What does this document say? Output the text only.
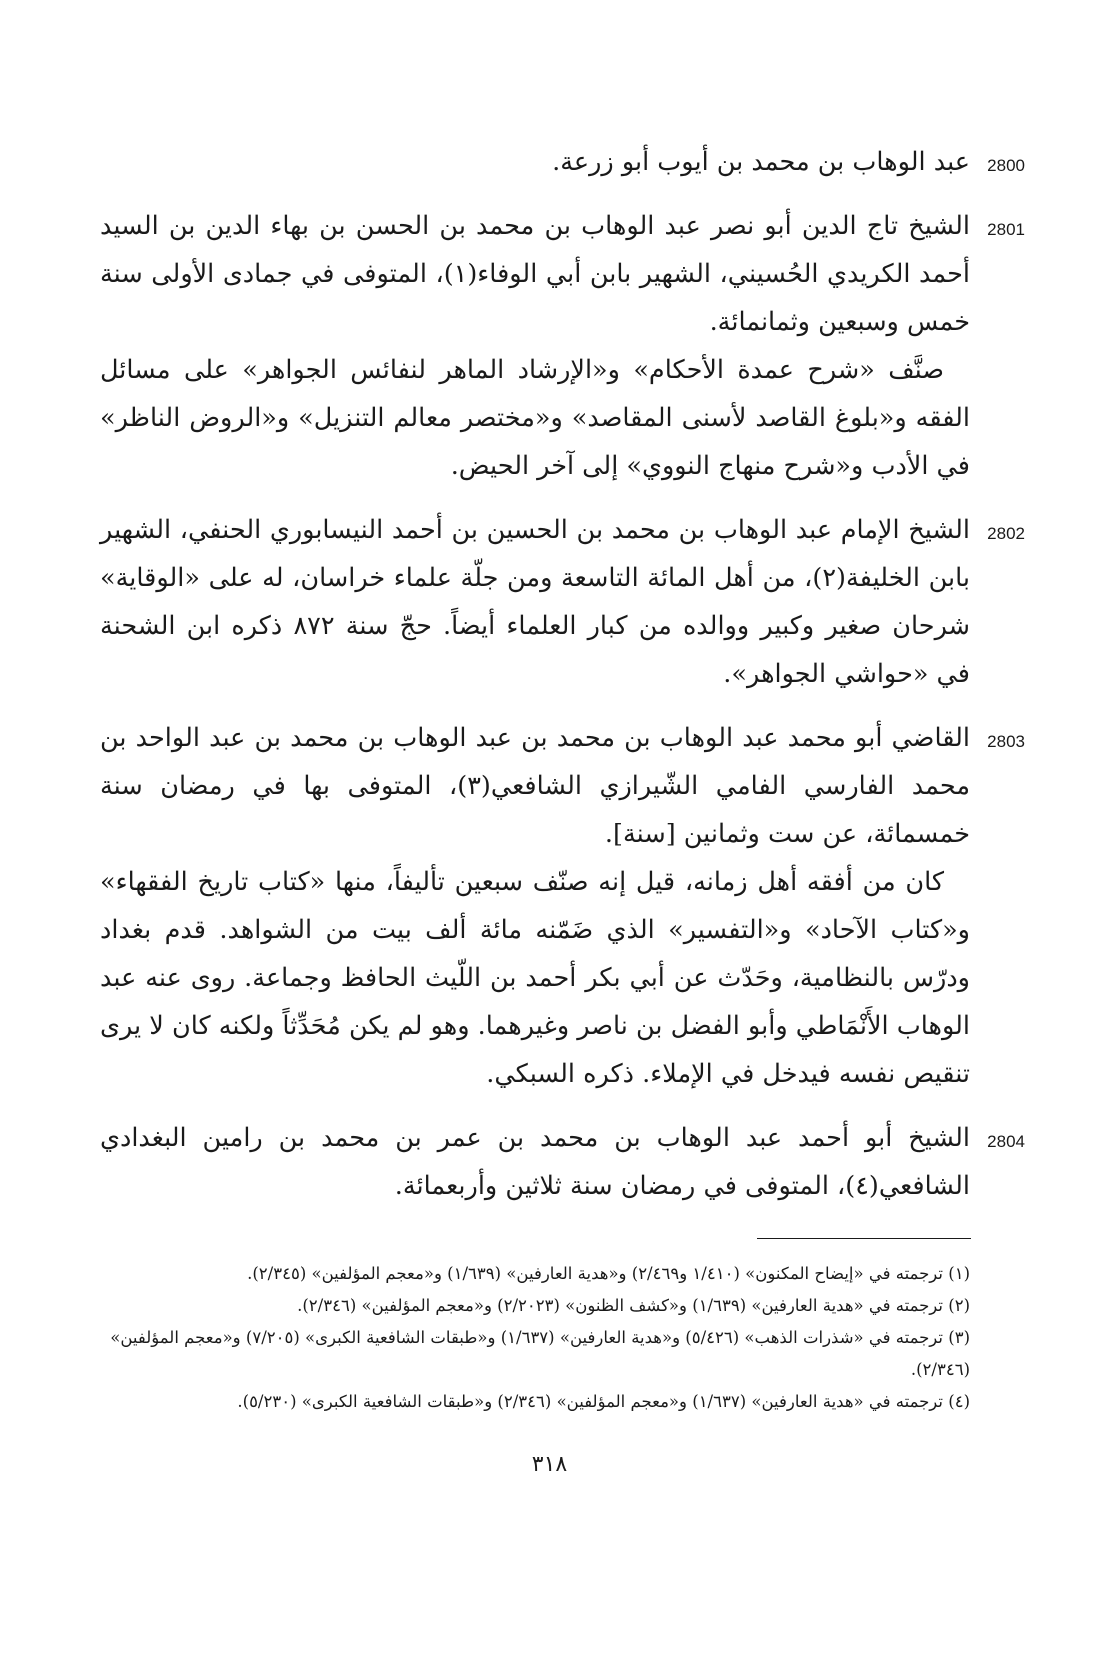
2800

عبد الوهاب بن محمد بن أيوب أبو زرعة.

2801

الشيخ تاج الدين أبو نصر عبد الوهاب بن محمد بن الحسن بن بهاء الدين بن السيد أحمد الكريدي الحُسيني، الشهير بابن أبي الوفاء(١)، المتوفى في جمادى الأولى سنة خمس وسبعين وثمانمائة.

صنَّف «شرح عمدة الأحكام» و«الإرشاد الماهر لنفائس الجواهر» على مسائل الفقه و«بلوغ القاصد لأسنى المقاصد» و«مختصر معالم التنزيل» و«الروض الناظر» في الأدب و«شرح منهاج النووي» إلى آخر الحيض.

2802

الشيخ الإمام عبد الوهاب بن محمد بن الحسين بن أحمد النيسابوري الحنفي، الشهير بابن الخليفة(٢)، من أهل المائة التاسعة ومن جلّة علماء خراسان، له على «الوقاية» شرحان صغير وكبير ووالده من كبار العلماء أيضاً. حجّ سنة ٨٧٢ ذكره ابن الشحنة في «حواشي الجواهر».

2803

القاضي أبو محمد عبد الوهاب بن محمد بن عبد الوهاب بن محمد بن عبد الواحد بن محمد الفارسي الفامي الشّيرازي الشافعي(٣)، المتوفى بها في رمضان سنة خمسمائة، عن ست وثمانين [سنة].

كان من أفقه أهل زمانه، قيل إنه صنّف سبعين تأليفاً، منها «كتاب تاريخ الفقهاء» و«كتاب الآحاد» و«التفسير» الذي ضَمّنه مائة ألف بيت من الشواهد. قدم بغداد ودرّس بالنظامية، وحَدّث عن أبي بكر أحمد بن اللّيث الحافظ وجماعة. روى عنه عبد الوهاب الأَنْمَاطي وأبو الفضل بن ناصر وغيرهما. وهو لم يكن مُحَدِّثاً ولكنه كان لا يرى تنقيص نفسه فيدخل في الإملاء. ذكره السبكي.

2804

الشيخ أبو أحمد عبد الوهاب بن محمد بن عمر بن محمد بن رامين البغدادي الشافعي(٤)، المتوفى في رمضان سنة ثلاثين وأربعمائة.

(١) ترجمته في «إيضاح المكنون» (١/٤١٠ و٢/٤٦٩) و«هدية العارفين» (١/٦٣٩) و«معجم المؤلفين» (٢/٣٤٥).

(٢) ترجمته في «هدية العارفين» (١/٦٣٩) و«كشف الظنون» (٢/٢٠٢٣) و«معجم المؤلفين» (٢/٣٤٦).

(٣) ترجمته في «شذرات الذهب» (٥/٤٢٦) و«هدية العارفين» (١/٦٣٧) و«طبقات الشافعية الكبرى» (٧/٢٠٥) و«معجم المؤلفين» (٢/٣٤٦).

(٤) ترجمته في «هدية العارفين» (١/٦٣٧) و«معجم المؤلفين» (٢/٣٤٦) و«طبقات الشافعية الكبرى» (٥/٢٣٠).

٣١٨
